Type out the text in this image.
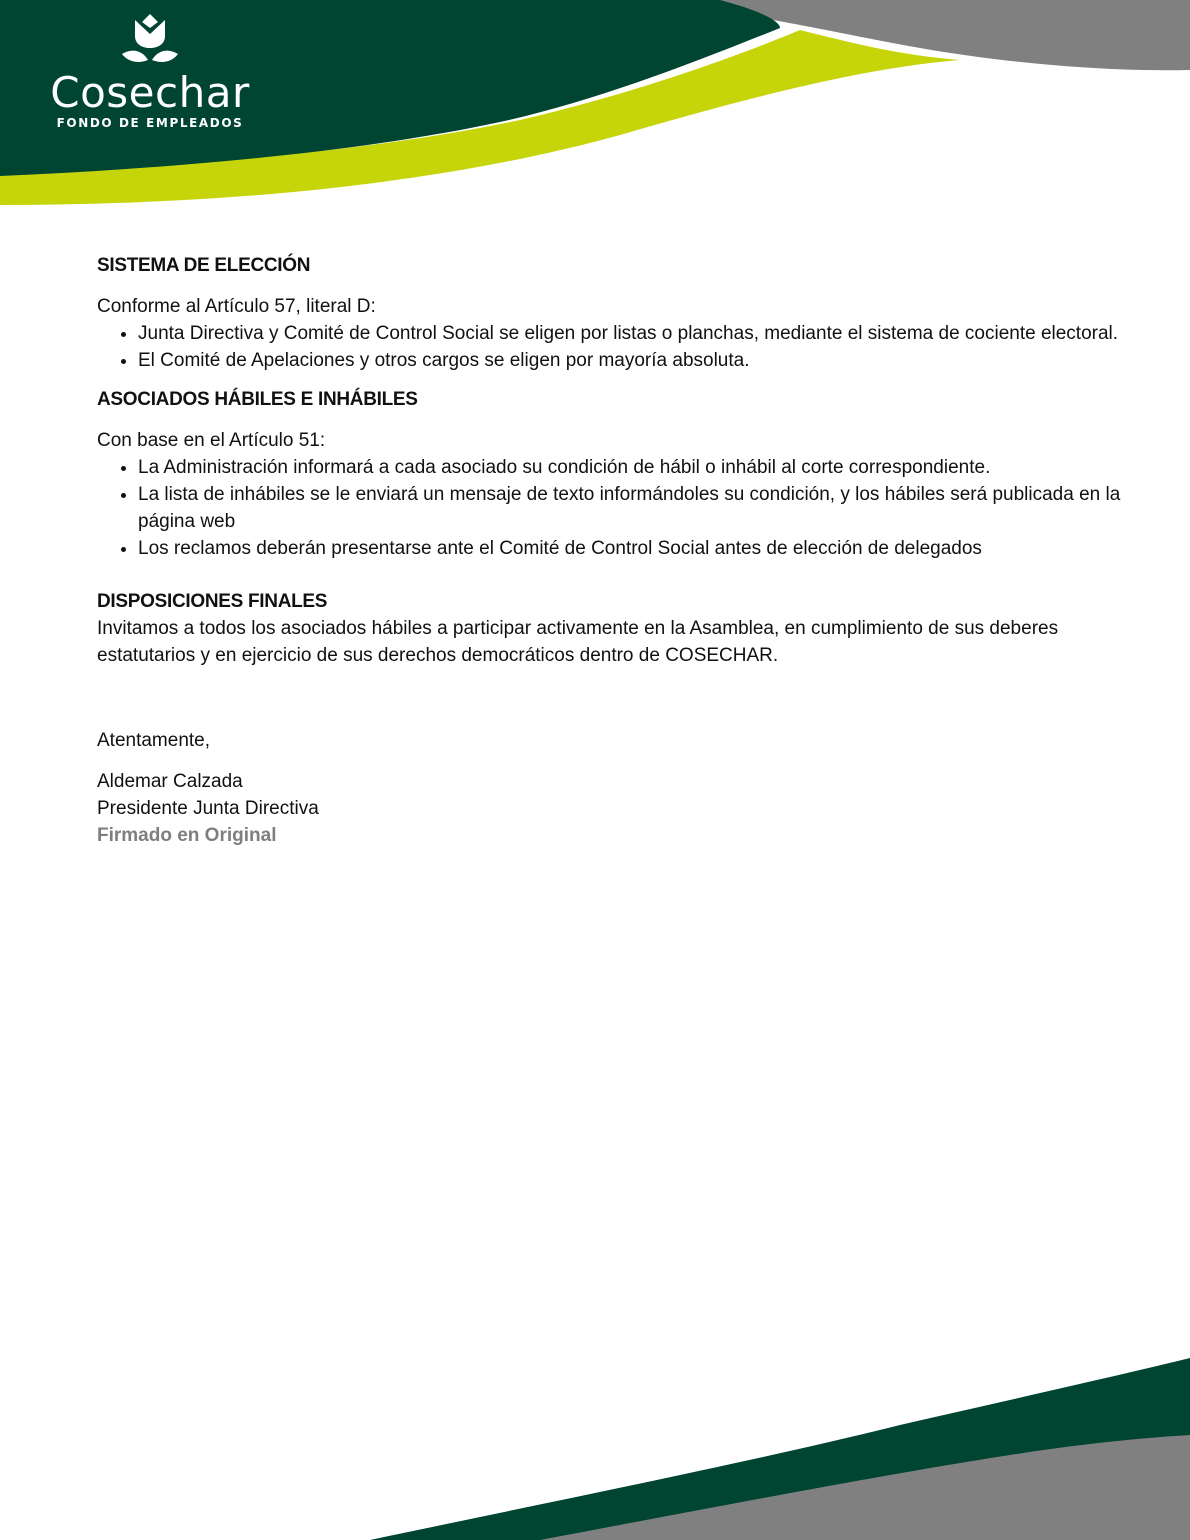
Cosechar
FONDO DE EMPLEADOS

SISTEMA DE ELECCIÓN

Conforme al Artículo 57, literal D:

• Junta Directiva y Comité de Control Social se eligen por listas o planchas, mediante el sistema de cociente electoral.
• El Comité de Apelaciones y otros cargos se eligen por mayoría absoluta.

ASOCIADOS HÁBILES E INHÁBILES

Con base en el Artículo 51:

• La Administración informará a cada asociado su condición de hábil o inhábil al corte correspondiente.
• La lista de inhábiles se le enviará un mensaje de texto informándoles su condición, y los hábiles será publicada en la página web
• Los reclamos deberán presentarse ante el Comité de Control Social antes de elección de delegados

DISPOSICIONES FINALES

Invitamos a todos los asociados hábiles a participar activamente en la Asamblea, en cumplimiento de sus deberes estatutarios y en ejercicio de sus derechos democráticos dentro de COSECHAR.

Atentamente,

Aldemar Calzada

Presidente Junta Directiva

Firmado en Original
